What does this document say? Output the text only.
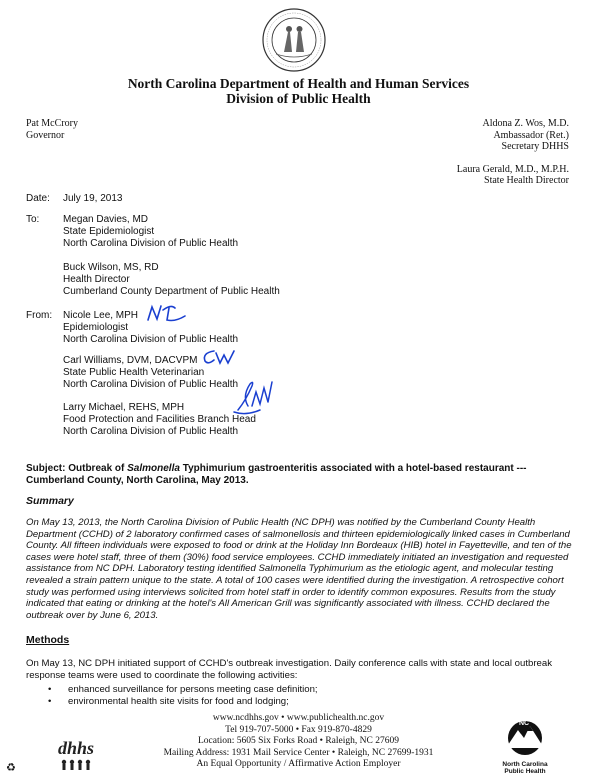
North Carolina Department of Health and Human Services
Division of Public Health
Pat McCrory
Governor
Aldona Z. Wos, M.D.
Ambassador (Ret.)
Secretary DHHS
Laura Gerald, M.D., M.P.H.
State Health Director
Date: July 19, 2013
To: Megan Davies, MD
State Epidemiologist
North Carolina Division of Public Health
Buck Wilson, MS, RD
Health Director
Cumberland County Department of Public Health
From: Nicole Lee, MPH
Epidemiologist
North Carolina Division of Public Health
Carl Williams, DVM, DACVPM
State Public Health Veterinarian
North Carolina Division of Public Health
Larry Michael, REHS, MPH
Food Protection and Facilities Branch Head
North Carolina Division of Public Health
Subject: Outbreak of Salmonella Typhimurium gastroenteritis associated with a hotel-based restaurant --- Cumberland County, North Carolina, May 2013.
Summary
On May 13, 2013, the North Carolina Division of Public Health (NC DPH) was notified by the Cumberland County Health Department (CCHD) of 2 laboratory confirmed cases of salmonellosis and thirteen epidemiologically linked cases in Cumberland County. All fifteen individuals were exposed to food or drink at the Holiday Inn Bordeaux (HIB) hotel in Fayetteville, and ten of the cases were hotel staff, three of them (30%) food service employees. CCHD immediately initiated an investigation and requested assistance from NC DPH. Laboratory testing identified Salmonella Typhimurium as the etiologic agent, and molecular testing revealed a strain pattern unique to the state. A total of 100 cases were identified during the investigation. A retrospective cohort study was performed using interviews solicited from hotel staff in order to identify common exposures. Results from the study indicated that eating or drinking at the hotel's All American Grill was significantly associated with illness. CCHD declared the outbreak over by June 6, 2013.
Methods
On May 13, NC DPH initiated support of CCHD's outbreak investigation. Daily conference calls with state and local outbreak response teams were used to coordinate the following activities:
• enhanced surveillance for persons meeting case definition;
• environmental health site visits for food and lodging;
www.ncdhhs.gov • www.publichealth.nc.gov
Tel 919-707-5000 • Fax 919-870-4829
Location: 5605 Six Forks Road • Raleigh, NC 27609
Mailing Address: 1931 Mail Service Center • Raleigh, NC 27699-1931
An Equal Opportunity / Affirmative Action Employer
dhhs
♻
NC
North Carolina
Public Health
